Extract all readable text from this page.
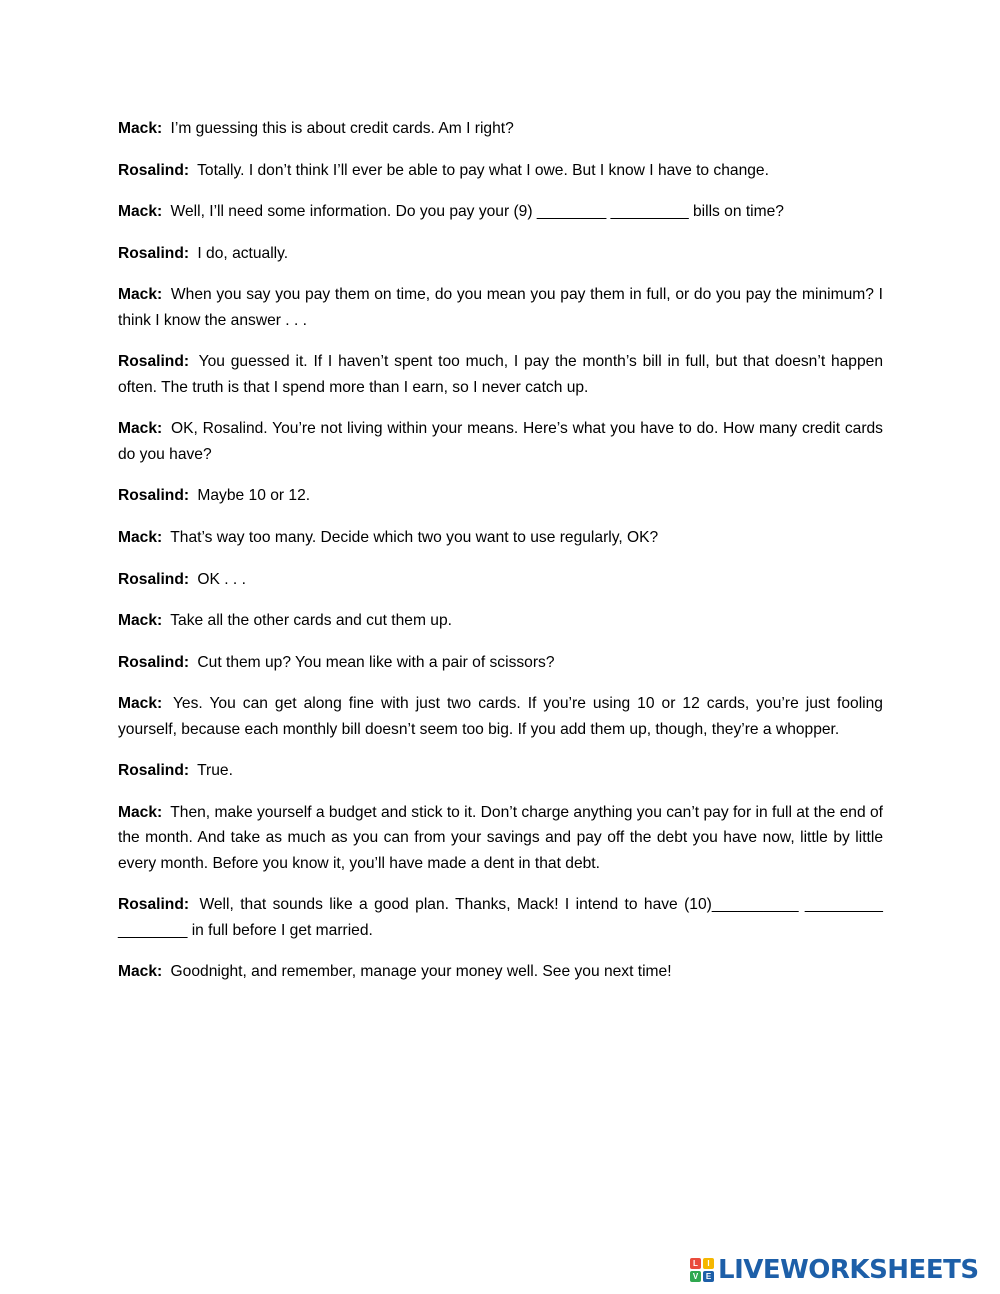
Mack: I’m guessing this is about credit cards. Am I right?

Rosalind: Totally. I don’t think I’ll ever be able to pay what I owe. But I know I have to change.

Mack: Well, I’ll need some information. Do you pay your (9) ________ _________ bills on time?

Rosalind: I do, actually.

Mack: When you say you pay them on time, do you mean you pay them in full, or do you pay the minimum? I think I know the answer . . .

Rosalind: You guessed it. If I haven’t spent too much, I pay the month’s bill in full, but that doesn’t happen often. The truth is that I spend more than I earn, so I never catch up.

Mack: OK, Rosalind. You’re not living within your means. Here’s what you have to do. How many credit cards do you have?

Rosalind: Maybe 10 or 12.

Mack: That’s way too many. Decide which two you want to use regularly, OK?

Rosalind: OK . . .

Mack: Take all the other cards and cut them up.

Rosalind: Cut them up? You mean like with a pair of scissors?

Mack: Yes. You can get along fine with just two cards. If you’re using 10 or 12 cards, you’re just fooling yourself, because each monthly bill doesn’t seem too big. If you add them up, though, they’re a whopper.

Rosalind: True.

Mack: Then, make yourself a budget and stick to it. Don’t charge anything you can’t pay for in full at the end of the month. And take as much as you can from your savings and pay off the debt you have now, little by little every month. Before you know it, you’ll have made a dent in that debt.

Rosalind: Well, that sounds like a good plan. Thanks, Mack! I intend to have (10)__________ _________ ________ in full before I get married.

Mack: Goodnight, and remember, manage your money well. See you next time!

L	I
V E LIVEWORKSHEETS
